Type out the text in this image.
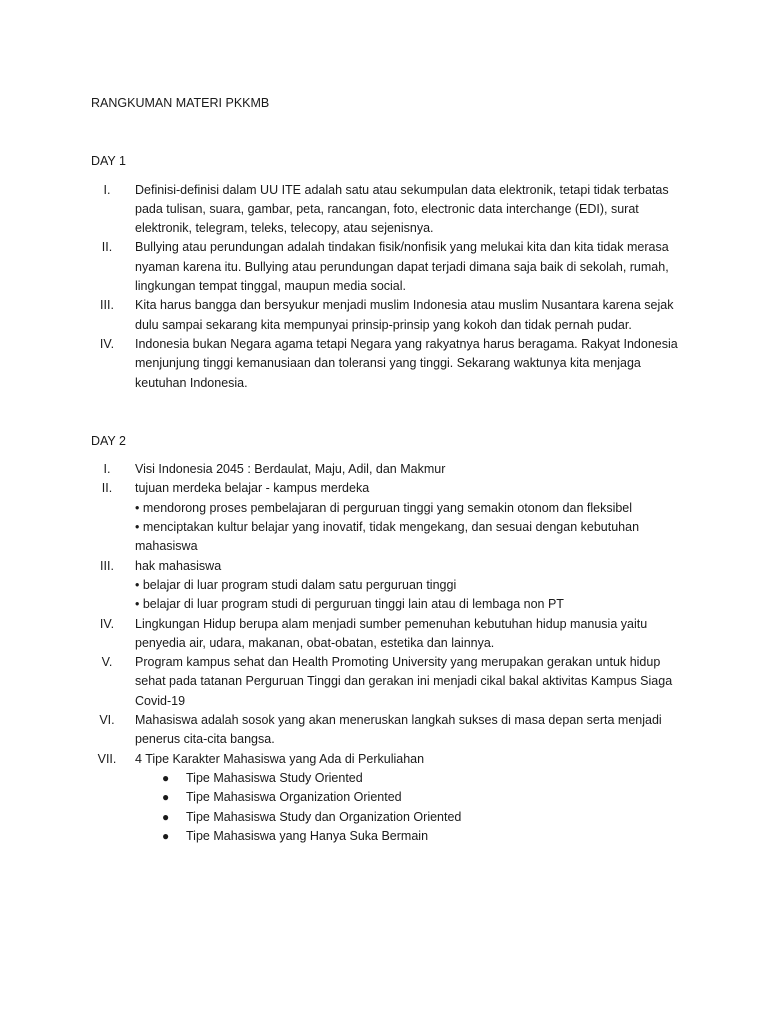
RANGKUMAN MATERI PKKMB

DAY 1

I.	Definisi-definisi dalam UU ITE adalah satu atau sekumpulan data elektronik, tetapi tidak terbatas pada tulisan, suara, gambar, peta, rancangan, foto, electronic data interchange (EDI), surat elektronik, telegram, teleks, telecopy, atau sejenisnya.
II.	Bullying atau perundungan adalah tindakan fisik/nonfisik yang melukai kita dan kita tidak merasa nyaman karena itu. Bullying atau perundungan dapat terjadi dimana saja baik di sekolah, rumah, lingkungan tempat tinggal, maupun media social.
III.	Kita harus bangga dan bersyukur menjadi muslim Indonesia atau muslim Nusantara karena sejak dulu sampai sekarang kita mempunyai prinsip-prinsip yang kokoh dan tidak pernah pudar.
IV.	Indonesia bukan Negara agama tetapi Negara yang rakyatnya harus beragama. Rakyat Indonesia menjunjung tinggi kemanusiaan dan toleransi yang tinggi. Sekarang waktunya kita menjaga keutuhan Indonesia.

DAY 2

I.	Visi Indonesia 2045 : Berdaulat, Maju, Adil, dan Makmur
II.	tujuan merdeka belajar - kampus merdeka
• mendorong proses pembelajaran di perguruan tinggi yang semakin otonom dan fleksibel
• menciptakan kultur belajar yang inovatif, tidak mengekang, dan sesuai dengan kebutuhan mahasiswa
III.	hak mahasiswa
• belajar di luar program studi dalam satu perguruan tinggi
• belajar di luar program studi di perguruan tinggi lain atau di lembaga non PT
IV.	Lingkungan Hidup berupa alam menjadi sumber pemenuhan kebutuhan hidup manusia yaitu penyedia air, udara, makanan, obat-obatan, estetika dan lainnya.
V.	Program kampus sehat dan Health Promoting University yang merupakan gerakan untuk hidup sehat pada tatanan Perguruan Tinggi dan gerakan ini menjadi cikal bakal aktivitas Kampus Siaga Covid-19
VI.	Mahasiswa adalah sosok yang akan meneruskan langkah sukses di masa depan serta menjadi penerus cita-cita bangsa.
VII.	4 Tipe Karakter Mahasiswa yang Ada di Perkuliahan
● Tipe Mahasiswa Study Oriented
● Tipe Mahasiswa Organization Oriented
● Tipe Mahasiswa Study dan Organization Oriented
● Tipe Mahasiswa yang Hanya Suka Bermain
